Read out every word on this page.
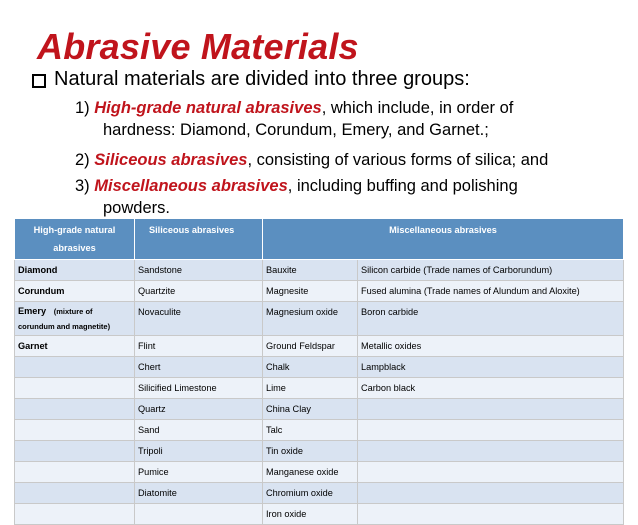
Abrasive Materials
Natural materials are divided into three groups:
1) High-grade natural abrasives, which include, in order of
hardness: Diamond, Corundum, Emery, and Garnet.;
2) Siliceous abrasives, consisting of various forms of silica; and
3) Miscellaneous abrasives, including buffing and polishing
powders.
High-grade natural abrasives	Siliceous abrasives	Miscellaneous abrasives	
Diamond	Sandstone	Bauxite	Silicon carbide (Trade names of Carborundum)
Corundum	Quartzite	Magnesite	Fused alumina (Trade names of Alundum and Aloxite)
Emery (mixture of corundum and magnetite)	Novaculite	Magnesium oxide	Boron carbide
Garnet	Flint	Ground Feldspar	Metallic oxides
	Chert	Chalk	Lampblack
	Silicified Limestone	Lime	Carbon black
	Quartz	China Clay	
	Sand	Talc	
	Tripoli	Tin oxide	
	Pumice	Manganese oxide	
	Diatomite	Chromium oxide	
		Iron oxide	
